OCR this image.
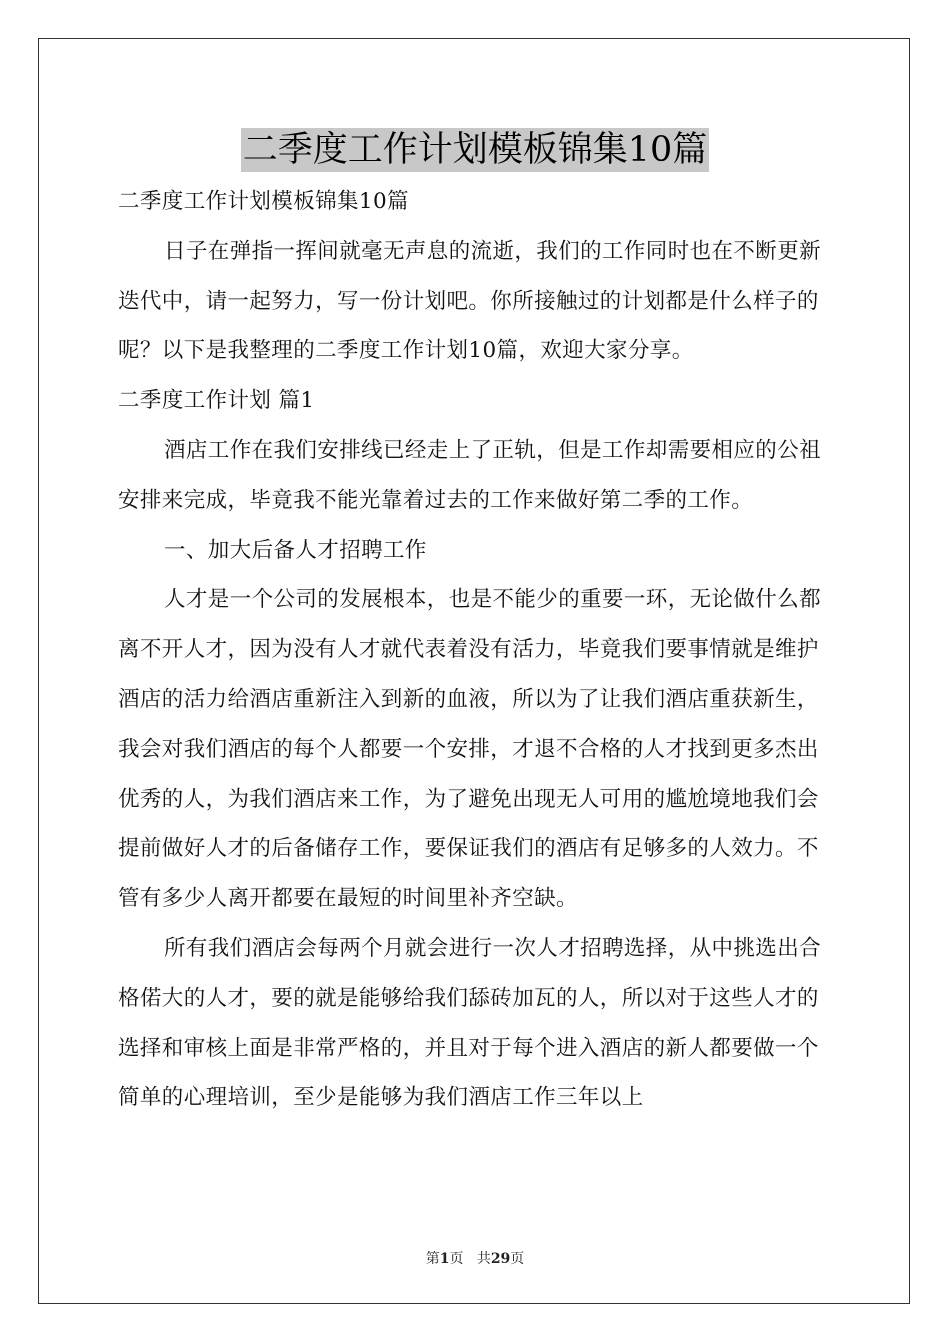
二季度工作计划模板锦集10篇

二季度工作计划模板锦集10篇

日子在弹指一挥间就毫无声息的流逝，我们的工作同时也在不断更新迭代中，请一起努力，写一份计划吧。你所接触过的计划都是什么样子的呢？以下是我整理的二季度工作计划10篇，欢迎大家分享。

二季度工作计划 篇1

酒店工作在我们安排线已经走上了正轨，但是工作却需要相应的公祖安排来完成，毕竟我不能光靠着过去的工作来做好第二季的工作。

一、加大后备人才招聘工作

人才是一个公司的发展根本，也是不能少的重要一环，无论做什么都离不开人才，因为没有人才就代表着没有活力，毕竟我们要事情就是维护酒店的活力给酒店重新注入到新的血液，所以为了让我们酒店重获新生，我会对我们酒店的每个人都要一个安排，才退不合格的人才找到更多杰出优秀的人，为我们酒店来工作，为了避免出现无人可用的尴尬境地我们会提前做好人才的后备储存工作，要保证我们的酒店有足够多的人效力。不管有多少人离开都要在最短的时间里补齐空缺。

所有我们酒店会每两个月就会进行一次人才招聘选择，从中挑选出合格偌大的人才，要的就是能够给我们舔砖加瓦的人，所以对于这些人才的选择和审核上面是非常严格的，并且对于每个进入酒店的新人都要做一个简单的心理培训，至少是能够为我们酒店工作三年以上

第1页 共29页
